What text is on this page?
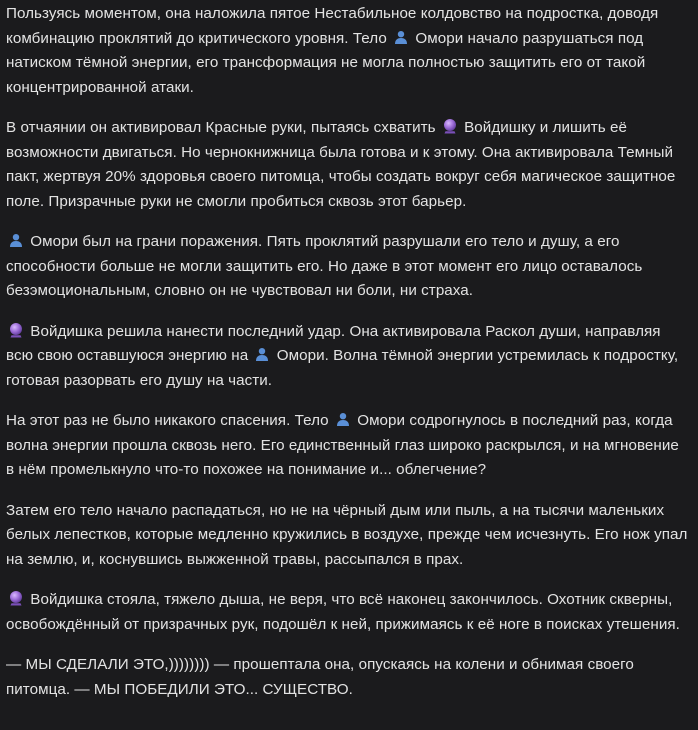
Пользуясь моментом, она наложила пятое Нестабильное колдовство на подростка, доводя комбинацию проклятий до критического уровня. Тело
Омори начало разрушаться под натиском тёмной энергии, его трансформация не могла полностью защитить его от такой концентрированной атаки.

В отчаянии он активировал Красные руки, пытаясь схватить
Войдишку и лишить её возможности двигаться. Но чернокнижница была готова и к этому. Она активировала Темный пакт, жертвуя 20% здоровья своего питомца, чтобы создать вокруг себя магическое защитное поле. Призрачные руки не смогли пробиться сквозь этот барьер.

Омори был на грани поражения. Пять проклятий разрушали его тело и душу, а его способности больше не могли защитить его. Но даже в этот момент его лицо оставалось безэмоциональным, словно он не чувствовал ни боли, ни страха.

Войдишка решила нанести последний удар. Она активировала Раскол души, направляя всю свою оставшуюся энергию на
Омори. Волна тёмной энергии устремилась к подростку, готовая разорвать его душу на части.

На этот раз не было никакого спасения. Тело
Омори содрогнулось в последний раз, когда волна энергии прошла сквозь него. Его единственный глаз широко раскрылся, и на мгновение в нём промелькнуло что-то похожее на понимание и... облегчение?

Затем его тело начало распадаться, но не на чёрный дым или пыль, а на тысячи маленьких белых лепестков, которые медленно кружились в воздухе, прежде чем исчезнуть. Его нож упал на землю, и, коснувшись выжженной травы, рассыпался в прах.

Войдишка стояла, тяжело дыша, не веря, что всё наконец закончилось. Охотник скверны, освобождённый от призрачных рук, подошёл к ней, прижимаясь к её ноге в поисках утешения.

— МЫ СДЕЛАЛИ ЭТО,)))))))) — прошептала она, опускаясь на колени и обнимая своего питомца. — МЫ ПОБЕДИЛИ ЭТО... СУЩЕСТВО.
